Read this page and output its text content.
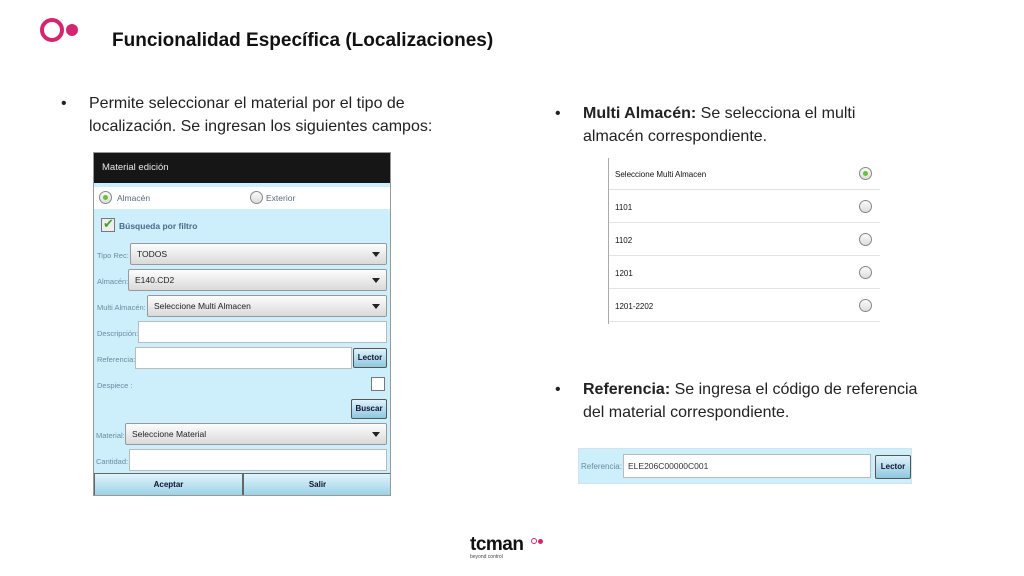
Funcionalidad Específica (Localizaciones)
• Permite seleccionar el material por el tipo de localización. Se ingresan los siguientes campos:
• Multi Almacén: Se selecciona el multi almacén correspondiente.
• Referencia: Se ingresa el código de referencia del material correspondiente.
Material edición
Almacén	Exterior
✔
Búsqueda por filtro
Tipo Rec: TODOS
Almacén: E140.CD2
Multi Almacén: Seleccione Multi Almacen
Descripción:
Referencia:	Lector
Despiece :
Buscar
Material: Seleccione Material
Cantidad:
Aceptar	Salir
Seleccione Multi Almacen
1101
1102
1201
1201-2202
Referencia: ELE206C00000C001	Lector
tcman
beyond control
